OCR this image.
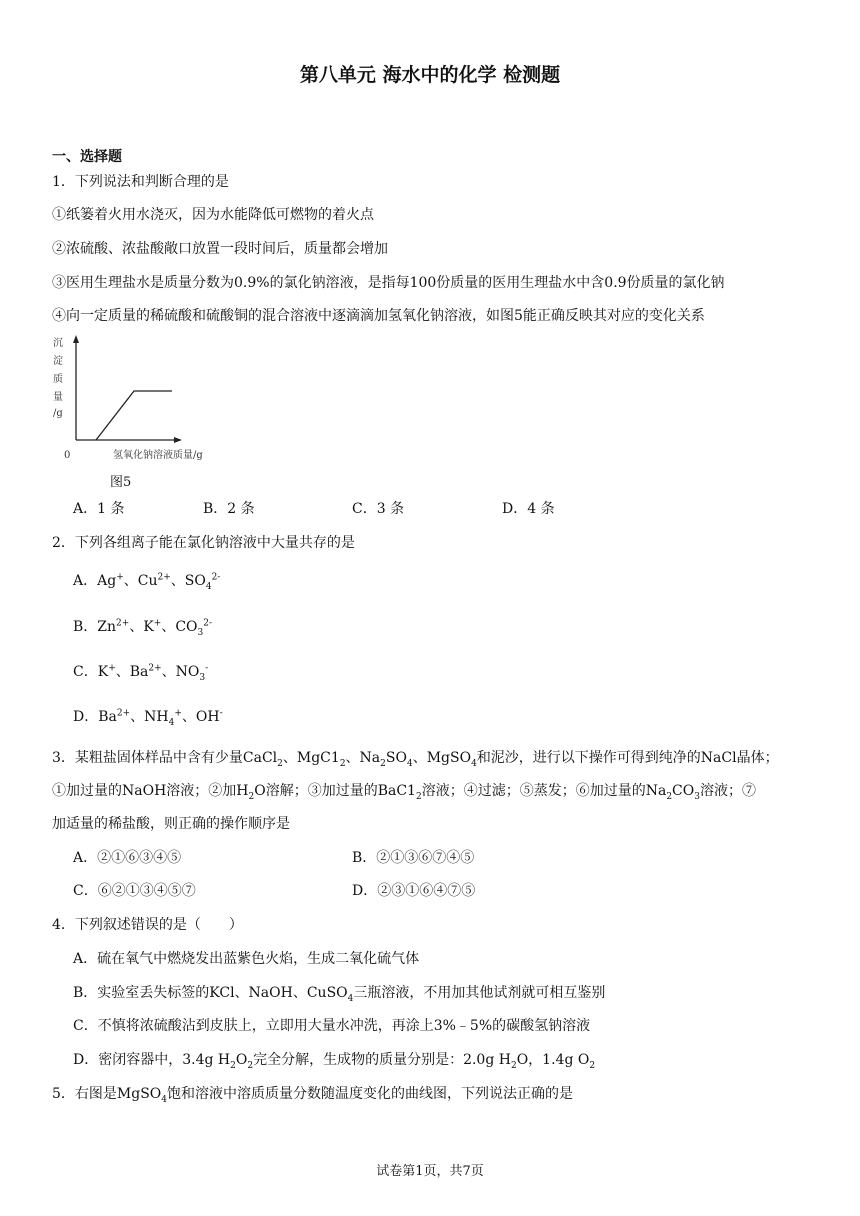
第八单元 海水中的化学 检测题
一、选择题
1．下列说法和判断合理的是
①纸篓着火用水浇灭，因为水能降低可燃物的着火点
②浓硫酸、浓盐酸敞口放置一段时间后，质量都会增加
③医用生理盐水是质量分数为0.9%的氯化钠溶液，是指每100份质量的医用生理盐水中含0.9份质量的氯化钠
④向一定质量的稀硫酸和硫酸铜的混合溶液中逐滴滴加氢氧化钠溶液，如图5能正确反映其对应的变化关系
沉
淀
质
量
/g
0	氢氧化钠溶液质量/g
图5
A．1 条	B．2 条	C．3 条	D．4 条
2．下列各组离子能在氯化钠溶液中大量共存的是
A．Ag+、$Cu^{2+}$、$SO_4^{2-}$
B．$Zn^{2+}$、K+、$CO_3^{2-}$
C．K+、$Ba^{2+}$、$NO_3^-$
D．$Ba^{2+}$、$NH_4^+$、OH-
3．某粗盐固体样品中含有少量CaCl$_2$、$MgC1_2$、$Na_2SO_4$、MgSO$_4$和泥沙，进行以下操作可得到纯净的NaCl晶体；
①加过量的NaOH溶液；②加$H_2O$溶解；③加过量的$BaC1_2$溶液；④过滤；⑤蒸发；⑥加过量的$Na_2CO_3$溶液；⑦
加适量的稀盐酸，则正确的操作顺序是
A．②①⑥③④⑤	B．②①③⑥⑦④⑤
C．⑥②①③④⑤⑦	D．②③①⑥④⑦⑤
4．下列叙述错误的是（　　）
A．硫在氧气中燃烧发出蓝紫色火焰，生成二氧化硫气体
B．实验室丢失标签的KCl、NaOH、CuSO$_4$三瓶溶液，不用加其他试剂就可相互鉴别
C．不慎将浓硫酸沾到皮肤上，立即用大量水冲洗，再涂上3%﹣5%的碳酸氢钠溶液
D．密闭容器中，3.4g $H_2O_2$完全分解，生成物的质量分别是：2.0g $H_2O$，1.4g $O_2$
5．右图是MgSO$_4$饱和溶液中溶质质量分数随温度变化的曲线图，下列说法正确的是
试卷第1页，共7页
